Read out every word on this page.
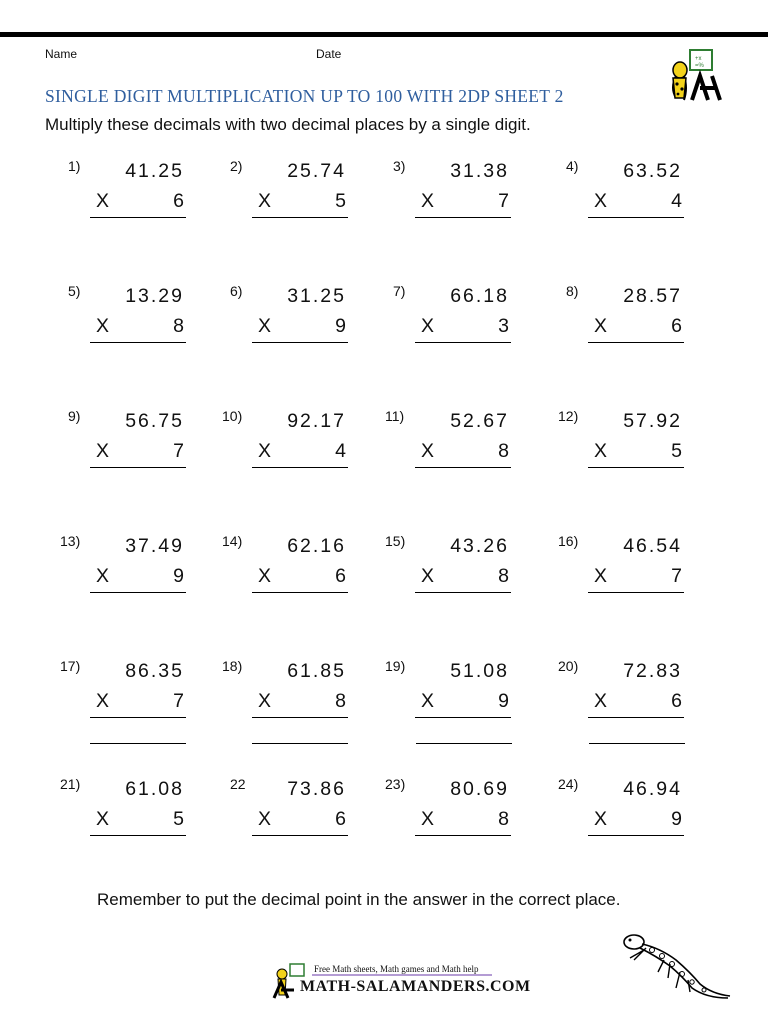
Name	Date
SINGLE DIGIT MULTIPLICATION UP TO 100 WITH 2DP SHEET 2
Multiply these decimals with two decimal places by a single digit.
+x
=%
1) 41.25
X	6
2) 25.74
X	5
3) 31.38
X	7
4) 63.52
X	4
5) 13.29
X	8
6) 31.25
X	9
7) 66.18
X	3
8) 28.57
X	6
9) 56.75
X	7
10) 92.17
X	4
11) 52.67
X	8
12) 57.92
X	5
13) 37.49
X	9
14) 62.16
X	6
15) 43.26
X	8
16) 46.54
X	7
17) 86.35
X	7
18) 61.85
X	8
19) 51.08
X	9
20) 72.83
X	6
21) 61.08
X	5
22 73.86
X	6
23) 80.69
X	8
24) 46.94
X	9
Remember to put the decimal point in the answer in the correct place.
Free Math sheets, Math games and Math help
MATH-SALAMANDERS.COM
